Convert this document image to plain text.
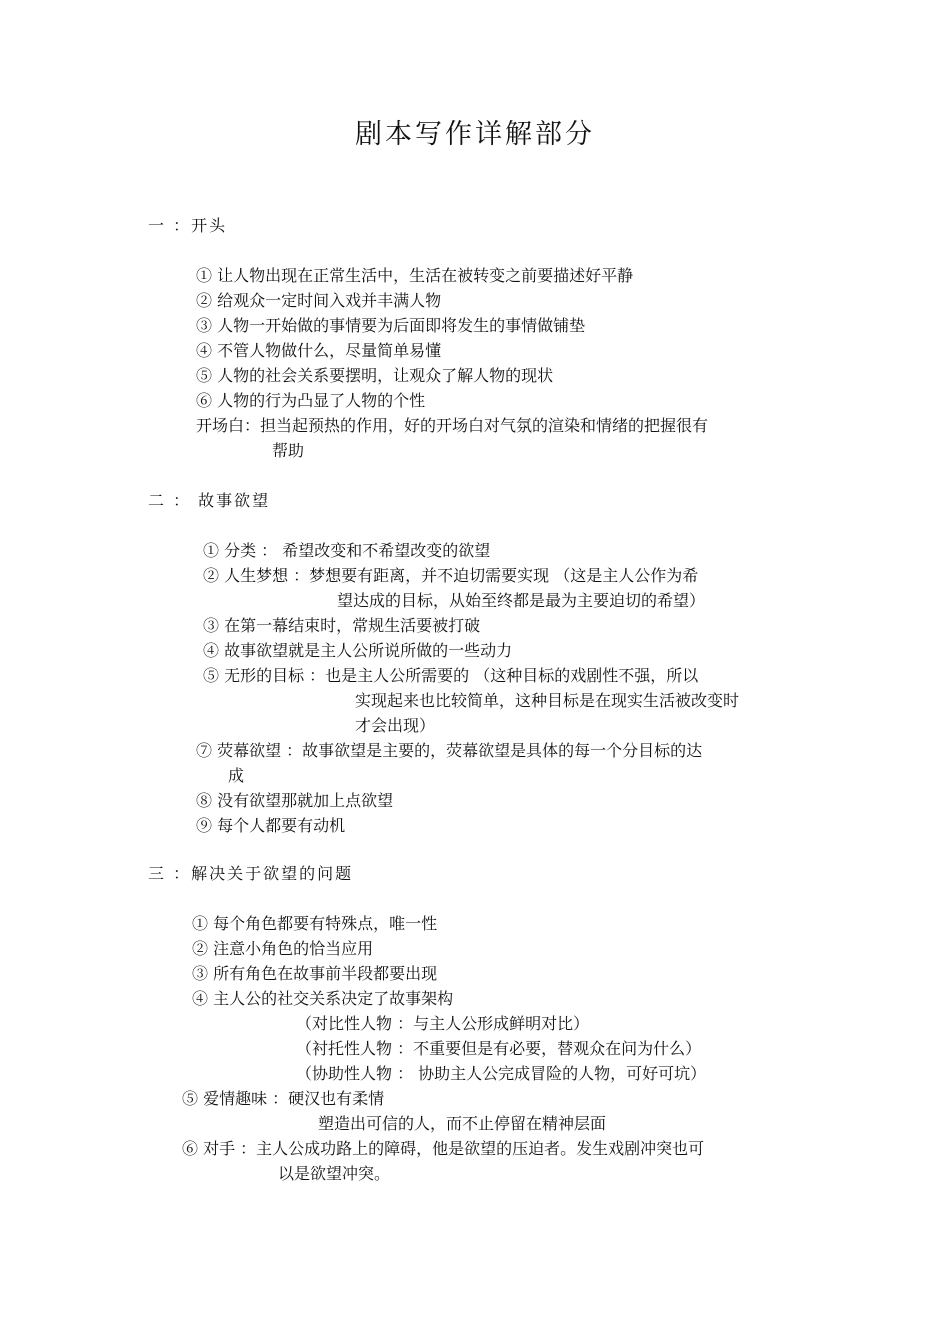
剧本写作详解部分
一 ：开头
① 让人物出现在正常生活中，生活在被转变之前要描述好平静
② 给观众一定时间入戏并丰满人物
③ 人物一开始做的事情要为后面即将发生的事情做铺垫
④ 不管人物做什么，尽量简单易懂
⑤ 人物的社会关系要摆明，让观众了解人物的现状
⑥ 人物的行为凸显了人物的个性
开场白：担当起预热的作用，好的开场白对气氛的渲染和情绪的把握很有
帮助
二 ： 故事欲望
① 分类 ： 希望改变和不希望改变的欲望
② 人生梦想 ：梦想要有距离，并不迫切需要实现 （这是主人公作为希
望达成的目标，从始至终都是最为主要迫切的希望）
③ 在第一幕结束时，常规生活要被打破
④ 故事欲望就是主人公所说所做的一些动力
⑤ 无形的目标 ：也是主人公所需要的 （这种目标的戏剧性不强，所以
实现起来也比较简单，这种目标是在现实生活被改变时
才会出现）
⑦ 荧幕欲望 ：故事欲望是主要的，荧幕欲望是具体的每一个分目标的达
成
⑧ 没有欲望那就加上点欲望
⑨ 每个人都要有动机
三 ：解决关于欲望的问题
① 每个角色都要有特殊点，唯一性
② 注意小角色的恰当应用
③ 所有角色在故事前半段都要出现
④ 主人公的社交关系决定了故事架构
（对比性人物 ：与主人公形成鲜明对比）
（衬托性人物 ：不重要但是有必要，替观众在问为什么）
（协助性人物 ： 协助主人公完成冒险的人物，可好可坑）
⑤ 爱情趣味 ：硬汉也有柔情
塑造出可信的人，而不止停留在精神层面
⑥ 对手 ：主人公成功路上的障碍，他是欲望的压迫者。发生戏剧冲突也可
以是欲望冲突。
